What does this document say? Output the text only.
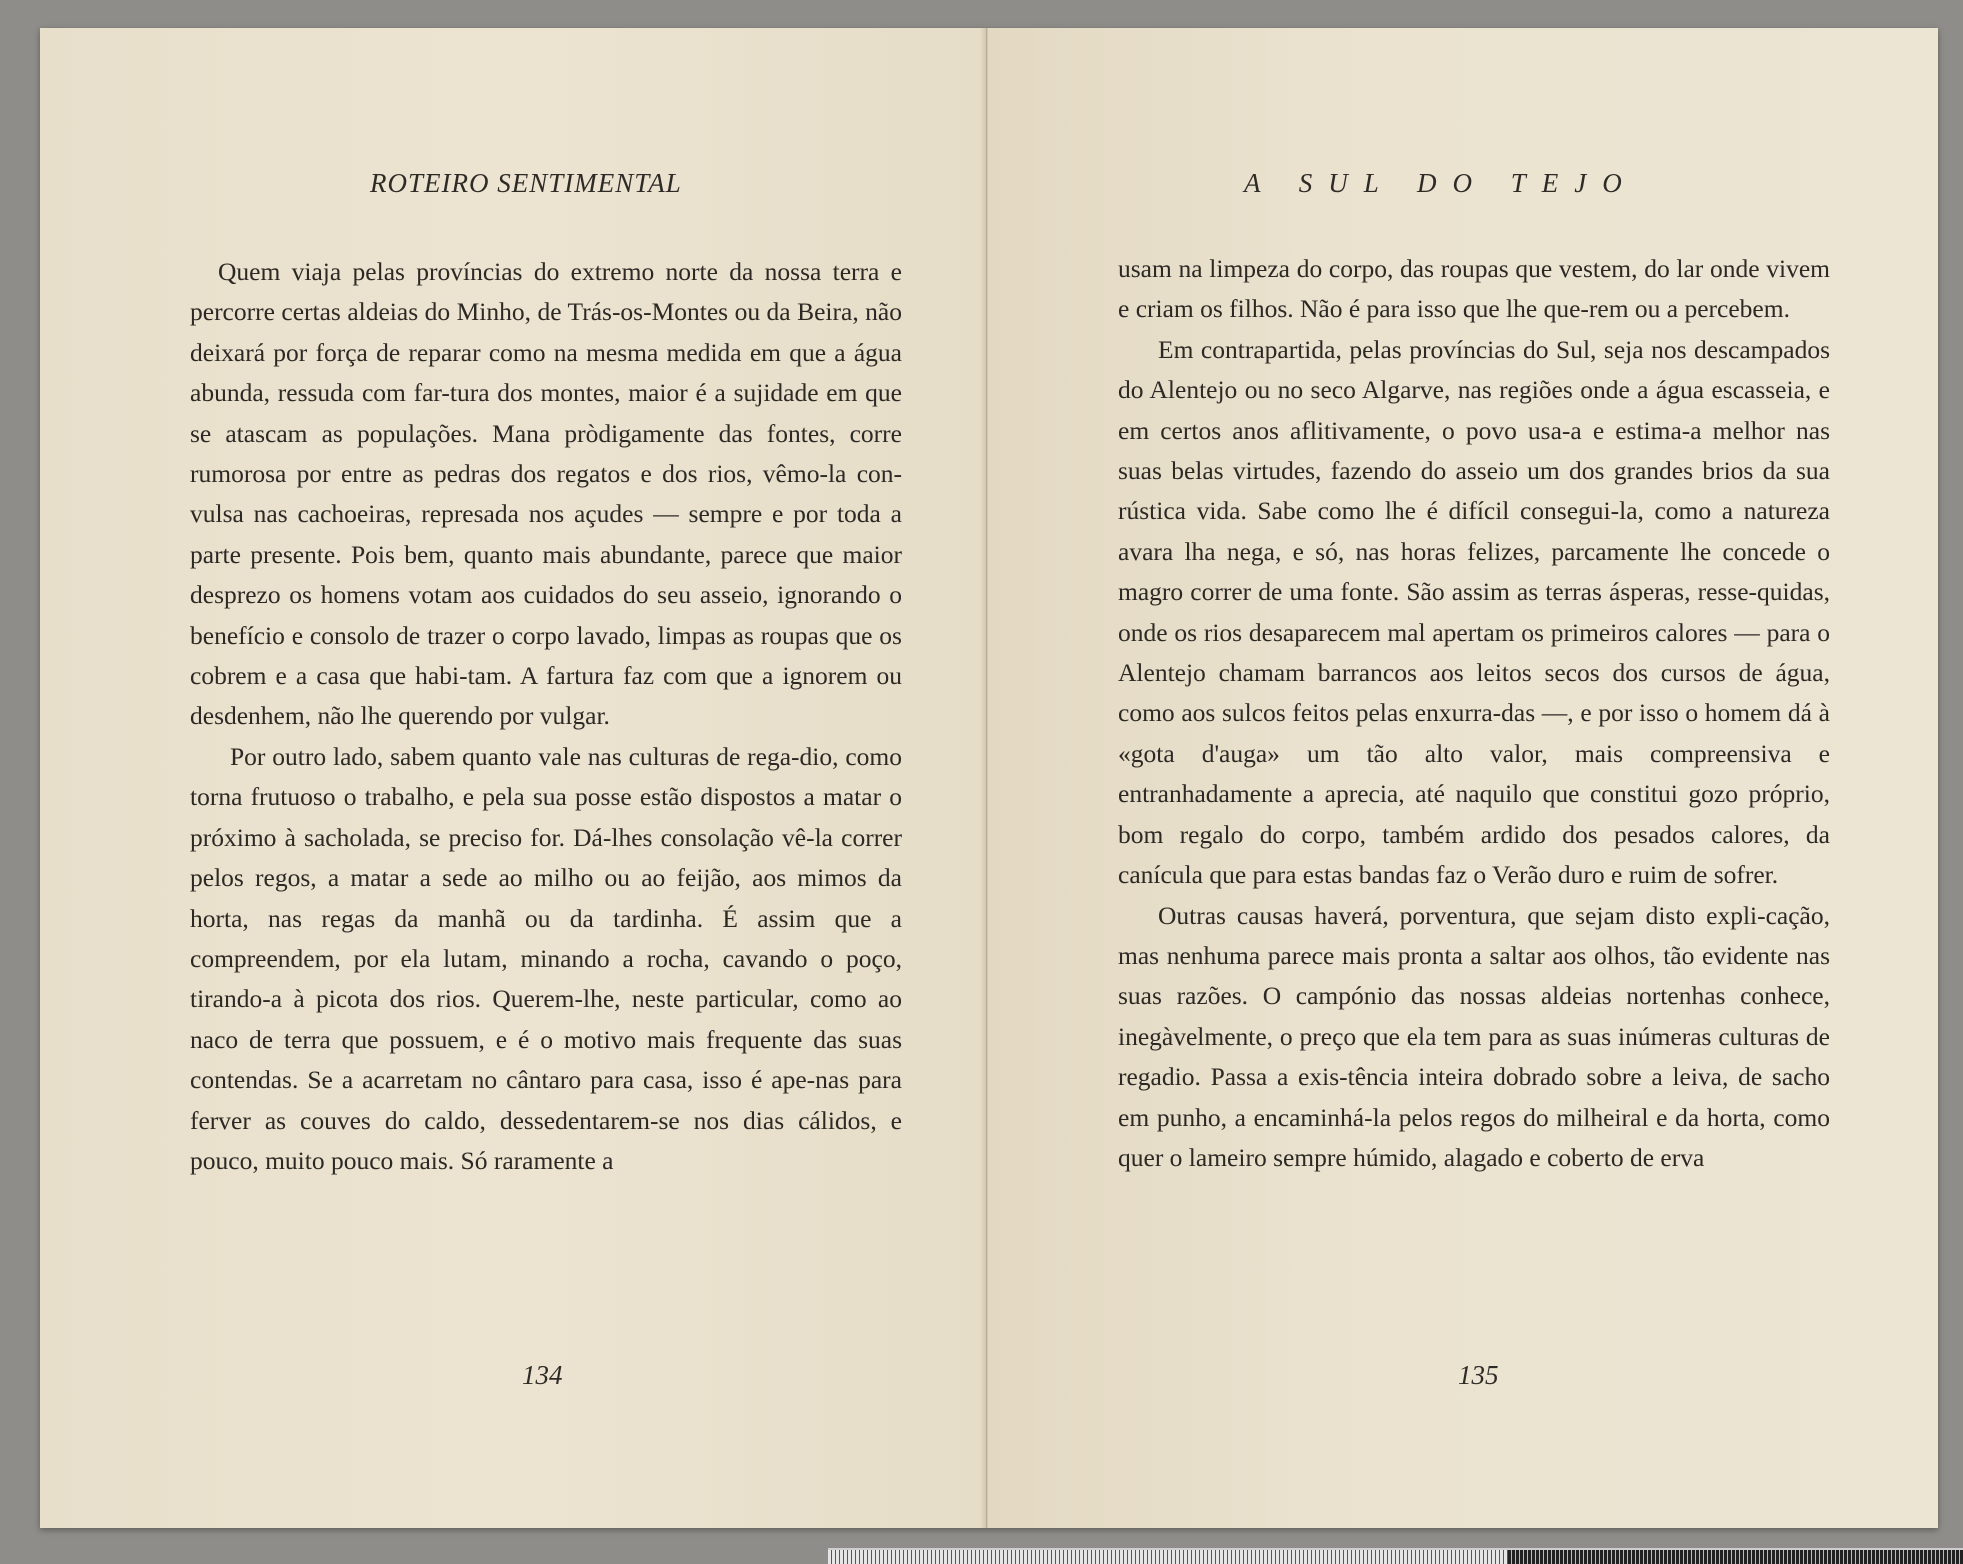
ROTEIRO SENTIMENTAL

Quem viaja pelas províncias do extremo norte da nossa terra e percorre certas aldeias do Minho, de Trás-os-Montes ou da Beira, não deixará por força de reparar como na mesma medida em que a água abunda, ressuda com far-tura dos montes, maior é a sujidade em que se atascam as populações. Mana pròdigamente das fontes, corre rumorosa por entre as pedras dos regatos e dos rios, vêmo-la con-vulsa nas cachoeiras, represada nos açudes — sempre e por toda a parte presente. Pois bem, quanto mais abundante, parece que maior desprezo os homens votam aos cuidados do seu asseio, ignorando o benefício e consolo de trazer o corpo lavado, limpas as roupas que os cobrem e a casa que habi-tam. A fartura faz com que a ignorem ou desdenhem, não lhe querendo por vulgar.

Por outro lado, sabem quanto vale nas culturas de rega-dio, como torna frutuoso o trabalho, e pela sua posse estão dispostos a matar o próximo à sacholada, se preciso for. Dá-lhes consolação vê-la correr pelos regos, a matar a sede ao milho ou ao feijão, aos mimos da horta, nas regas da manhã ou da tardinha. É assim que a compreendem, por ela lutam, minando a rocha, cavando o poço, tirando-a à picota dos rios. Querem-lhe, neste particular, como ao naco de terra que possuem, e é o motivo mais frequente das suas contendas. Se a acarretam no cântaro para casa, isso é ape-nas para ferver as couves do caldo, dessedentarem-se nos dias cálidos, e pouco, muito pouco mais. Só raramente a

134
A SUL DO TEJO

usam na limpeza do corpo, das roupas que vestem, do lar onde vivem e criam os filhos. Não é para isso que lhe que-rem ou a percebem.

Em contrapartida, pelas províncias do Sul, seja nos descampados do Alentejo ou no seco Algarve, nas regiões onde a água escasseia, e em certos anos aflitivamente, o povo usa-a e estima-a melhor nas suas belas virtudes, fazendo do asseio um dos grandes brios da sua rústica vida. Sabe como lhe é difícil consegui-la, como a natureza avara lha nega, e só, nas horas felizes, parcamente lhe concede o magro correr de uma fonte. São assim as terras ásperas, resse-quidas, onde os rios desaparecem mal apertam os primeiros calores — para o Alentejo chamam barrancos aos leitos secos dos cursos de água, como aos sulcos feitos pelas enxurra-das —, e por isso o homem dá à «gota d'auga» um tão alto valor, mais compreensiva e entranhadamente a aprecia, até naquilo que constitui gozo próprio, bom regalo do corpo, também ardido dos pesados calores, da canícula que para estas bandas faz o Verão duro e ruim de sofrer.

Outras causas haverá, porventura, que sejam disto expli-cação, mas nenhuma parece mais pronta a saltar aos olhos, tão evidente nas suas razões. O campónio das nossas aldeias nortenhas conhece, inegàvelmente, o preço que ela tem para as suas inúmeras culturas de regadio. Passa a exis-tência inteira dobrado sobre a leiva, de sacho em punho, a encaminhá-la pelos regos do milheiral e da horta, como quer o lameiro sempre húmido, alagado e coberto de erva

135
